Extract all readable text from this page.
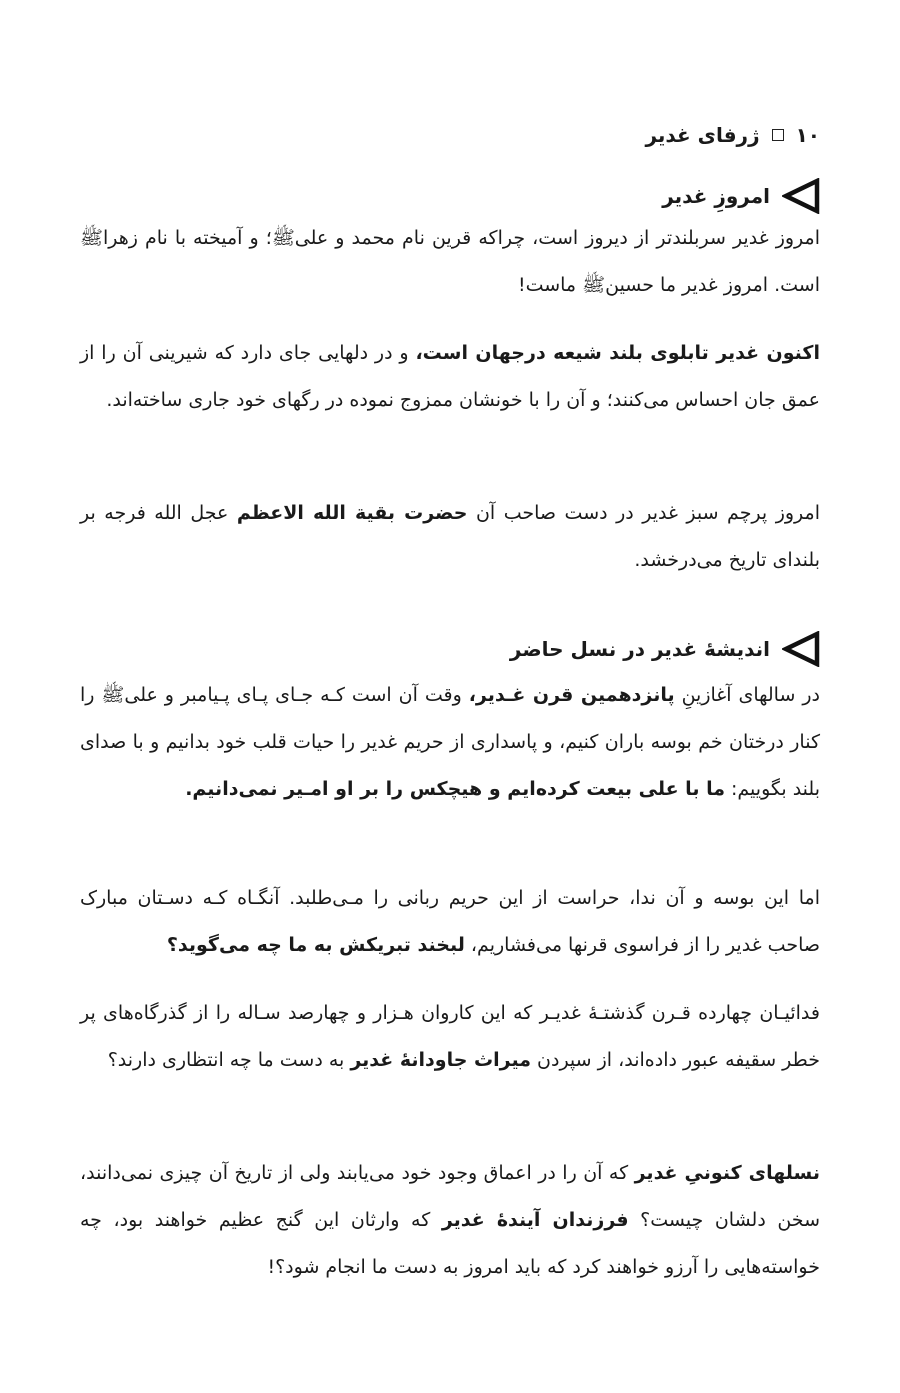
۱۰
ژرفای غدیر
امروزِ غدیر

امروز غدیر سربلندتر از دیروز است، چراکه قرین نام محمد و علیﷺ؛ و آمیخته با نام زهراﷺ است. امروز غدیر ما حسینﷺ ماست!

اکنون غدیر تابلوی بلند شیعه درجهان است، و در دلهایی جای دارد که شیرینی آن را از عمق جان احساس می‌کنند؛ و آن را با خونشان ممزوج نموده در رگهای خود جاری ساخته‌اند.

امروز پرچم سبز غدیر در دست صاحب آن حضرت بقیة الله الاعظم عجل الله فرجه بر بلندای تاریخ می‌درخشد.

اندیشۀ غدیر در نسل حاضر

در سالهای آغازینِ پانزدهمین قرن غـدیر، وقت آن است کـه جـای پـای پـیامبر و علیﷺ را کنار درختان خم بوسه باران کنیم، و پاسداری از حریم غدیر را حیات قلب خود بدانیم و با صدای بلند بگوییم: ما با علی بیعت کرده‌ایم و هیچکس را بر او امـیر نمی‌دانیم.

اما این بوسه و آن ندا، حراست از این حریم ربانی را مـی‌طلبد. آنگـاه کـه دسـتان مبارک صاحب غدیر را از فراسوی قرنها می‌فشاریم، لبخند تبریکش به ما چه می‌گوید؟

فدائیـان چهارده قـرن گذشتـۀ غدیـر که این کاروان هـزار و چهارصد سـاله را از گذرگاه‌های پر خطر سقیفه عبور داده‌اند، از سپردن میراث جاودانۀ غدیر به دست ما چه انتظاری دارند؟

نسلهای کنونیِ غدیر که آن را در اعماق وجود خود می‌یابند ولی از تاریخ آن چیزی نمی‌دانند، سخن دلشان چیست؟ فرزندان آیندۀ غدیر که وارثان این گنج عظیم خواهند بود، چه خواسته‌هایی را آرزو خواهند کرد که باید امروز به دست ما انجام شود؟!
